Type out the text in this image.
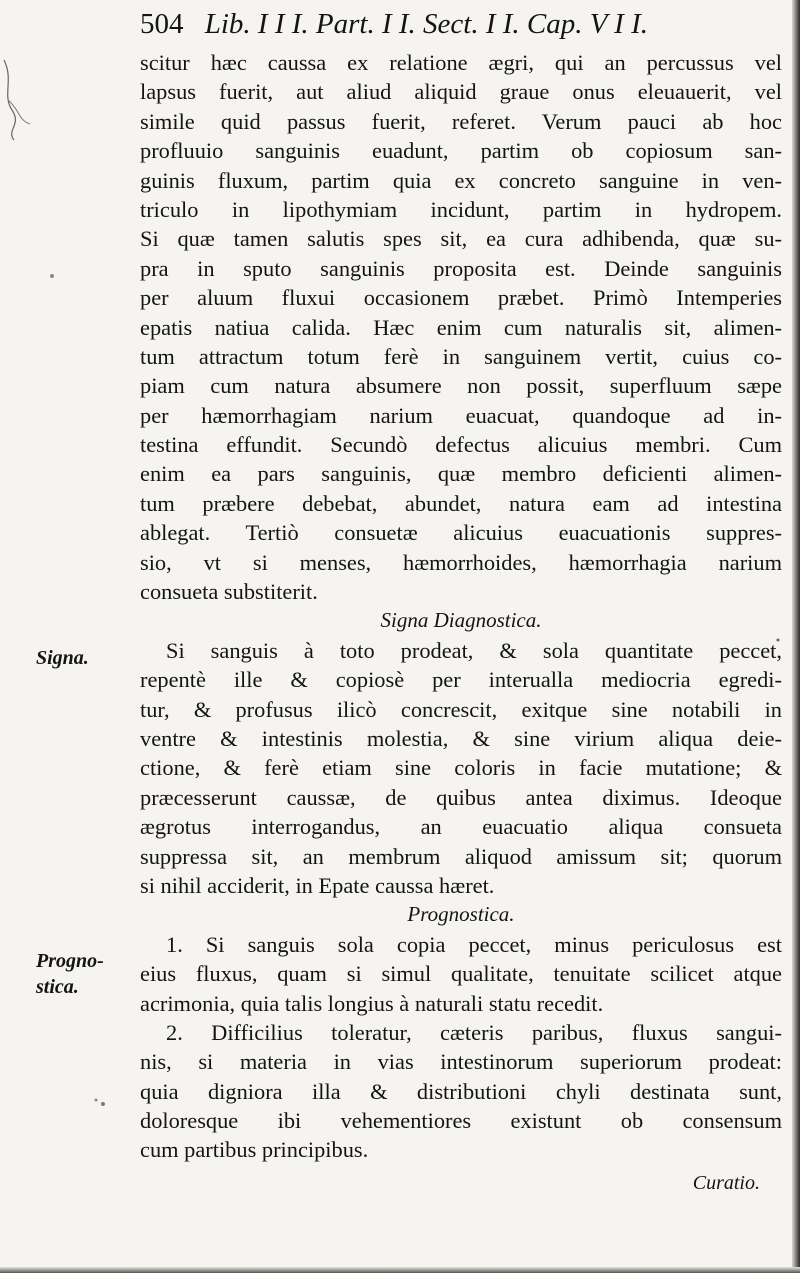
504 Lib. I I I. Part. I I. Sect. I I. Cap. V I I.
scitur hæc caussa ex relatione ægri, qui an percussus vel
lapsus fuerit, aut aliud aliquid graue onus eleuauerit, vel
simile quid passus fuerit, referet. Verum pauci ab hoc
profluuio sanguinis euadunt, partim ob copiosum san-
guinis fluxum, partim quia ex concreto sanguine in ven-
triculo in lipothymiam incidunt, partim in hydropem.
Si quæ tamen salutis spes sit, ea cura adhibenda, quæ su-
pra in sputo sanguinis proposita est. Deinde sanguinis
per aluum fluxui occasionem præbet. Primò Intemperies
epatis natiua calida. Hæc enim cum naturalis sit, alimen-
tum attractum totum ferè in sanguinem vertit, cuius co-
piam cum natura absumere non possit, superfluum sæpe
per hæmorrhagiam narium euacuat, quandoque ad in-
testina effundit. Secundò defectus alicuius membri. Cum
enim ea pars sanguinis, quæ membro deficienti alimen-
tum præbere debebat, abundet, natura eam ad intestina
ablegat. Tertiò consuetæ alicuius euacuationis suppres-
sio, vt si menses, hæmorrhoides, hæmorrhagia narium
consueta substiterit.
Signa Diagnostica.
Si sanguis à toto prodeat, & sola quantitate peccet,
repentè ille & copiosè per interualla mediocria egredi-
tur, & profusus ilicò concrescit, exitque sine notabili in
ventre & intestinis molestia, & sine virium aliqua deie-
ctione, & ferè etiam sine coloris in facie mutatione; &
præcesserunt caussæ, de quibus antea diximus. Ideoque
ægrotus interrogandus, an euacuatio aliqua consueta
suppressa sit, an membrum aliquod amissum sit; quorum
si nihil acciderit, in Epate caussa hæret.
Prognostica.
1. Si sanguis sola copia peccet, minus periculosus est
eius fluxus, quam si simul qualitate, tenuitate scilicet atque
acrimonia, quia talis longius à naturali statu recedit.
2. Difficilius toleratur, cæteris paribus, fluxus sangui-
nis, si materia in vias intestinorum superiorum prodeat:
quia digniora illa & distributioni chyli destinata sunt,
doloresque ibi vehementiores existunt ob consensum
cum partibus principibus.
Signa.
Progno-
stica.
Curatio.
